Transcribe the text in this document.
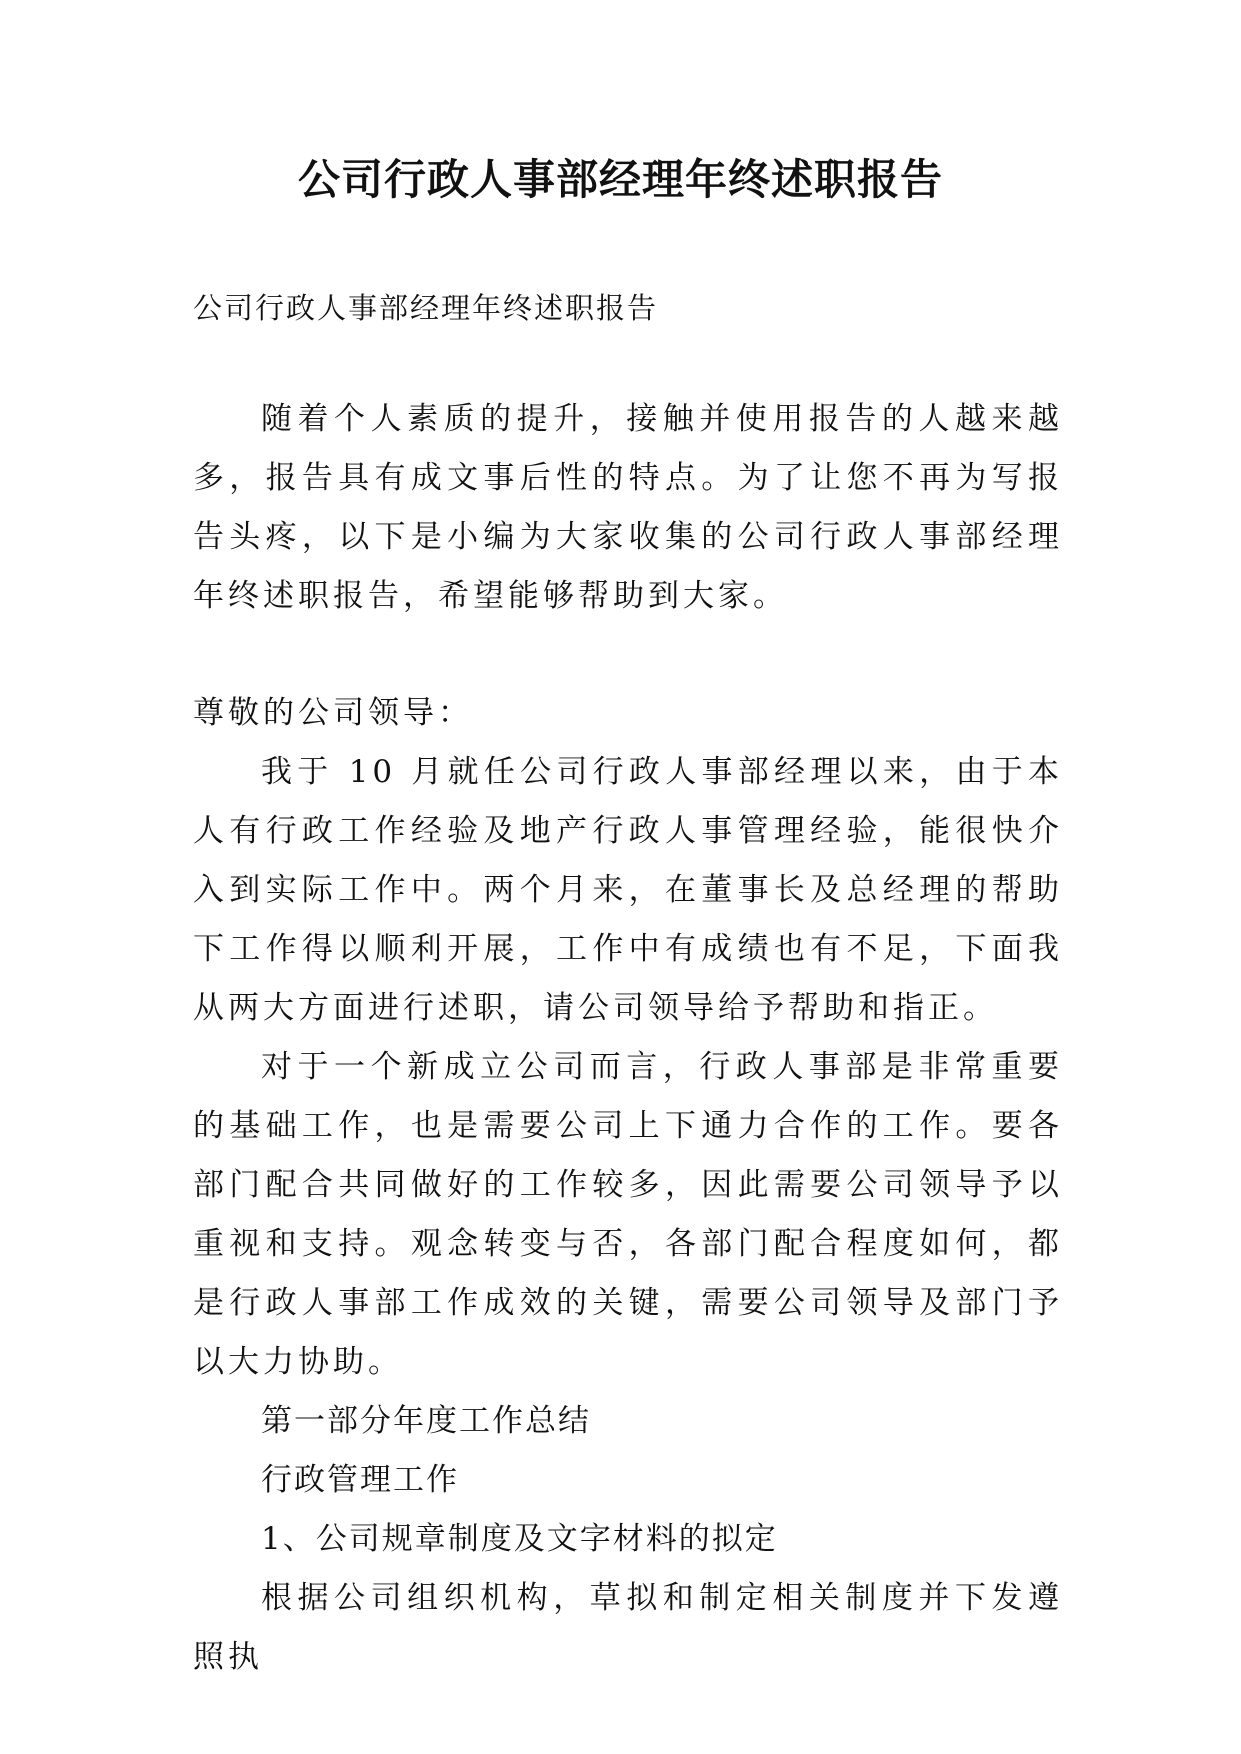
公司行政人事部经理年终述职报告

公司行政人事部经理年终述职报告

随着个人素质的提升，接触并使用报告的人越来越多，报告具有成文事后性的特点。为了让您不再为写报告头疼，以下是小编为大家收集的公司行政人事部经理年终述职报告，希望能够帮助到大家。

尊敬的公司领导：

我于 10 月就任公司行政人事部经理以来，由于本人有行政工作经验及地产行政人事管理经验，能很快介入到实际工作中。两个月来，在董事长及总经理的帮助下工作得以顺利开展，工作中有成绩也有不足，下面我从两大方面进行述职，请公司领导给予帮助和指正。

对于一个新成立公司而言，行政人事部是非常重要的基础工作，也是需要公司上下通力合作的工作。要各部门配合共同做好的工作较多，因此需要公司领导予以重视和支持。观念转变与否，各部门配合程度如何，都是行政人事部工作成效的关键，需要公司领导及部门予以大力协助。

第一部分年度工作总结

行政管理工作

1、公司规章制度及文字材料的拟定

根据公司组织机构，草拟和制定相关制度并下发遵照执
